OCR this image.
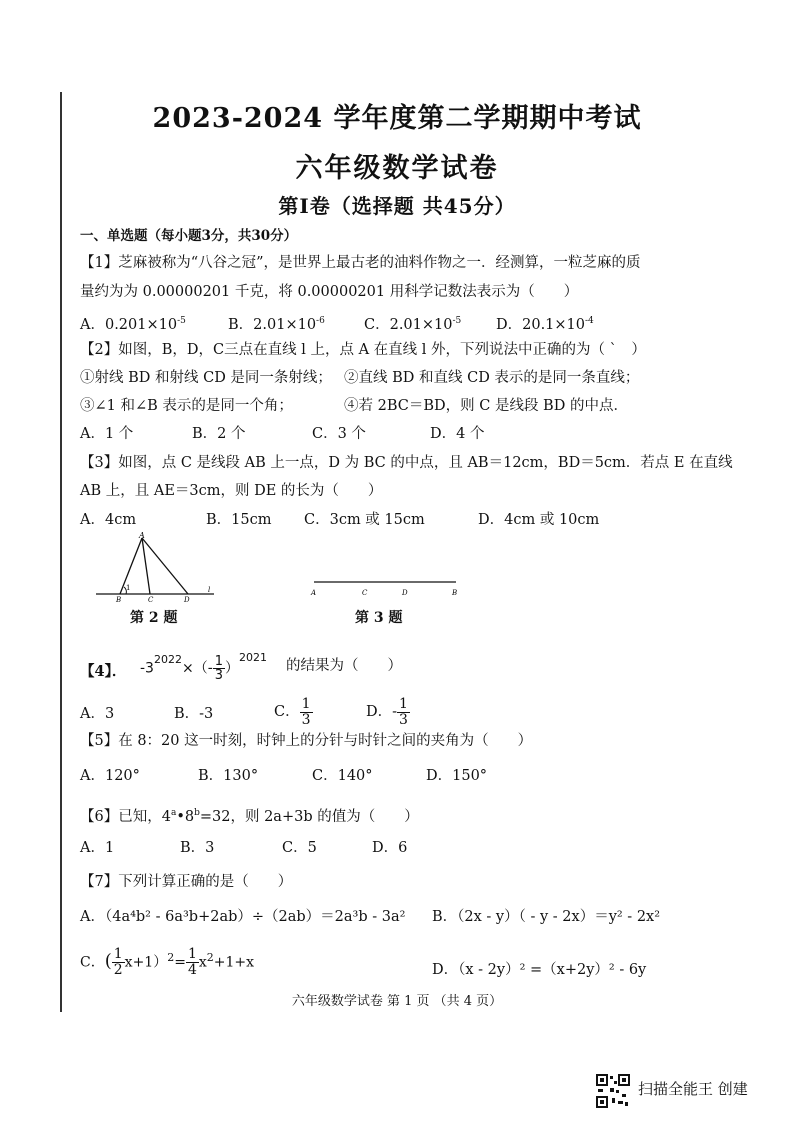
2023-2024 学年度第二学期期中考试
六年级数学试卷
第Ⅰ卷（选择题 共45分）
一、单选题（每小题3分，共30分）
【1】芝麻被称为“八谷之冠”，是世界上最古老的油料作物之一．经测算，一粒芝麻的质
量约为为 0.00000201 千克，将 0.00000201 用科学记数法表示为（　　）
A．$0.201\times 10^{-5}$	B．$2.01\times 10^{-6}$	C．$2.01\times 10^{-5}$ D．$20.1\times 10^{-4}$
【2】如图，B，D，C三点在直线 l 上，点 A 在直线 l 外，下列说法中正确的为（ ˋ　）
①射线 BD 和射线 CD 是同一条射线； ②直线 BD 和直线 CD 表示的是同一条直线；
③∠1 和∠B 表示的是同一个角；	④若 2BC＝BD，则 C 是线段 BD 的中点．
A．1 个	B．2 个	C．3 个	D．4 个
【3】如图，点 C 是线段 AB 上一点，D 为 BC 的中点，且 AB＝12cm，BD＝5cm．若点 E 在直线
AB 上，且 AE＝3cm，则 DE 的长为（　　）
A．4cm	B．15cm C．3cm 或 15cm	D．4cm 或 10cm
A
B	C	D
1	l
第 2 题
A	C	D	B
第 3 题
【4】． $-3^{2022}\times(- \frac{1}{3} )^{2021}$
的结果为（　　）
A．3	B．-3	C． $\frac{1}{3}$	D．- $\frac{1}{3}$
【5】在 8：20 这一时刻，时钟上的分针与时针之间的夹角为（　　）
A．120°	B．130°	C．140°	D．150°
【6】已知，$4^a•8^b=32$，则 2a+3b 的值为（　　）
A．1	B．3	C．5	D．6
【7】下列计算正确的是（　　）
A．（4a⁴b² - 6a³b+2ab）÷（2ab）＝2a³b - 3a² B．（2x - y）（ - y - 2x）＝y² - 2x²
C．( $\frac{1}{2} x+1)^2= \frac{1}{4} x^2+1+x$	D．（x - 2y）² =（x+2y）² - 6y
六年级数学试卷 第 1 页 （共 4 页）
扫描全能王 创建
